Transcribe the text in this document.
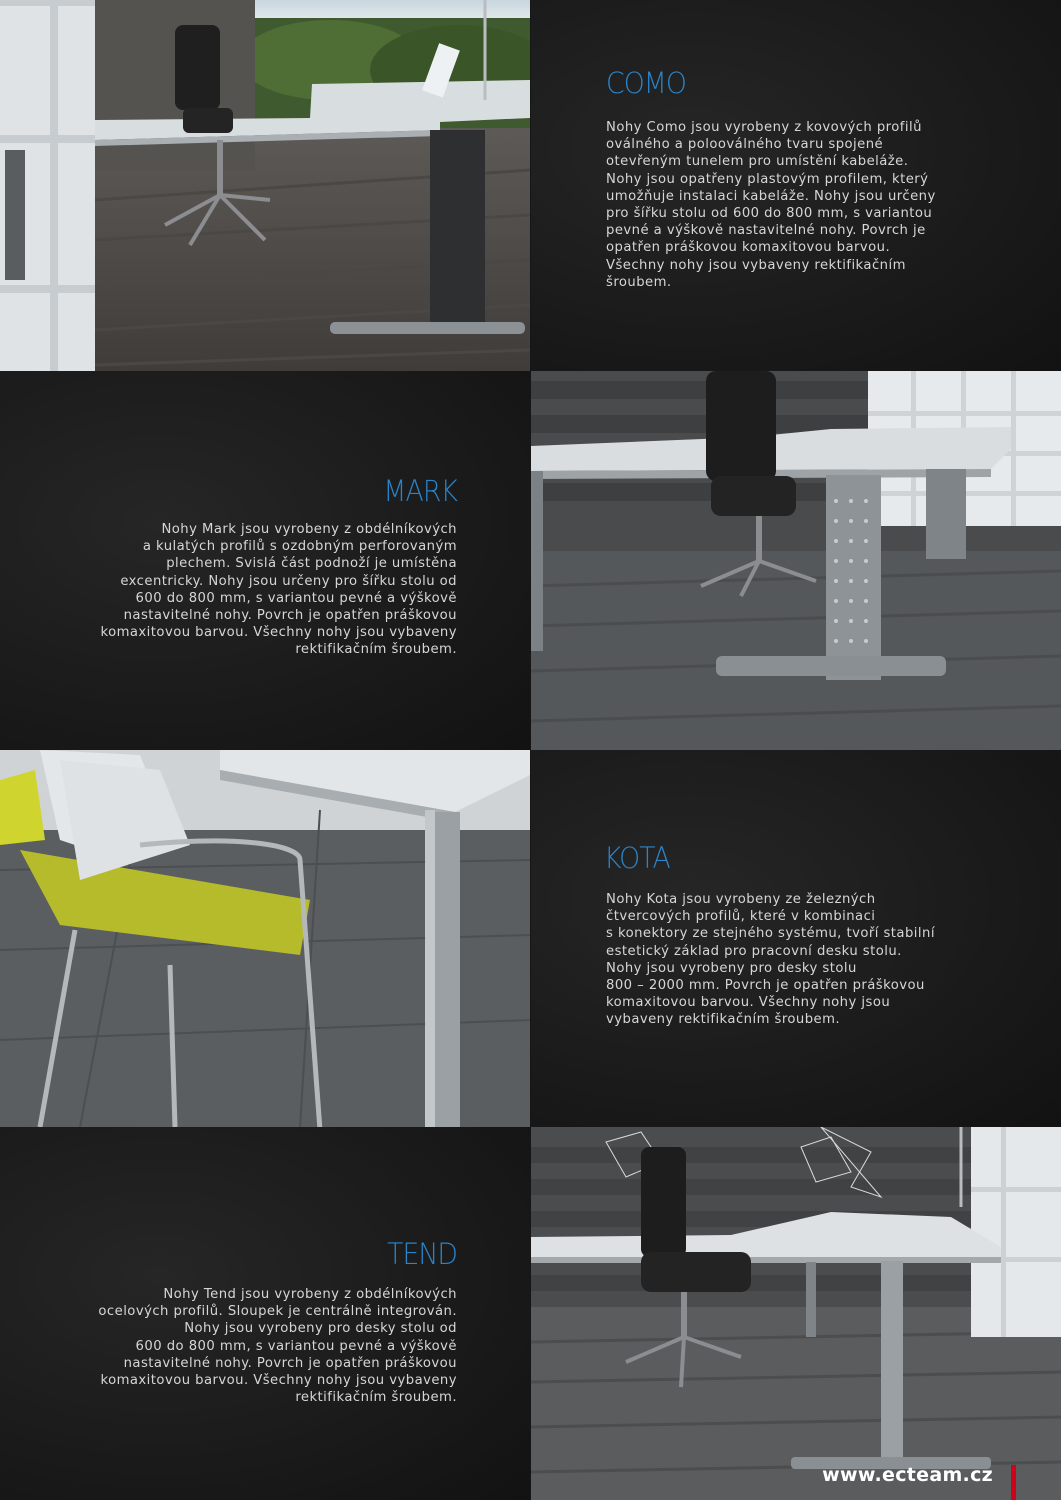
COMO

Nohy Como jsou vyrobeny z kovových profilů
oválného a polooválného tvaru spojené
otevřeným tunelem pro umístění kabeláže.
Nohy jsou opatřeny plastovým profilem, který
umožňuje instalaci kabeláže. Nohy jsou určeny
pro šířku stolu od 600 do 800 mm, s variantou
pevné a výškově nastavitelné nohy. Povrch je
opatřen práškovou komaxitovou barvou.
Všechny nohy jsou vybaveny rektifikačním
šroubem.

MARK

Nohy Mark jsou vyrobeny z obdélníkových
a kulatých profilů s ozdobným perforovaným
plechem. Svislá část podnoží je umístěna
excentricky. Nohy jsou určeny pro šířku stolu od
600 do 800 mm, s variantou pevné a výškově
nastavitelné nohy. Povrch je opatřen práškovou
komaxitovou barvou. Všechny nohy jsou vybaveny
rektifikačním šroubem.

KOTA

Nohy Kota jsou vyrobeny ze železných
čtvercových profilů, které v kombinaci
s konektory ze stejného systému, tvoří stabilní
estetický základ pro pracovní desku stolu.
Nohy jsou vyrobeny pro desky stolu
800 – 2000 mm. Povrch je opatřen práškovou
komaxitovou barvou. Všechny nohy jsou
vybaveny rektifikačním šroubem.

TEND

Nohy Tend jsou vyrobeny z obdélníkových
ocelových profilů. Sloupek je centrálně integrován.
Nohy jsou vyrobeny pro desky stolu od
600 do 800 mm, s variantou pevné a výškově
nastavitelné nohy. Povrch je opatřen práškovou
komaxitovou barvou. Všechny nohy jsou vybaveny
rektifikačním šroubem.

www.ecteam.cz
